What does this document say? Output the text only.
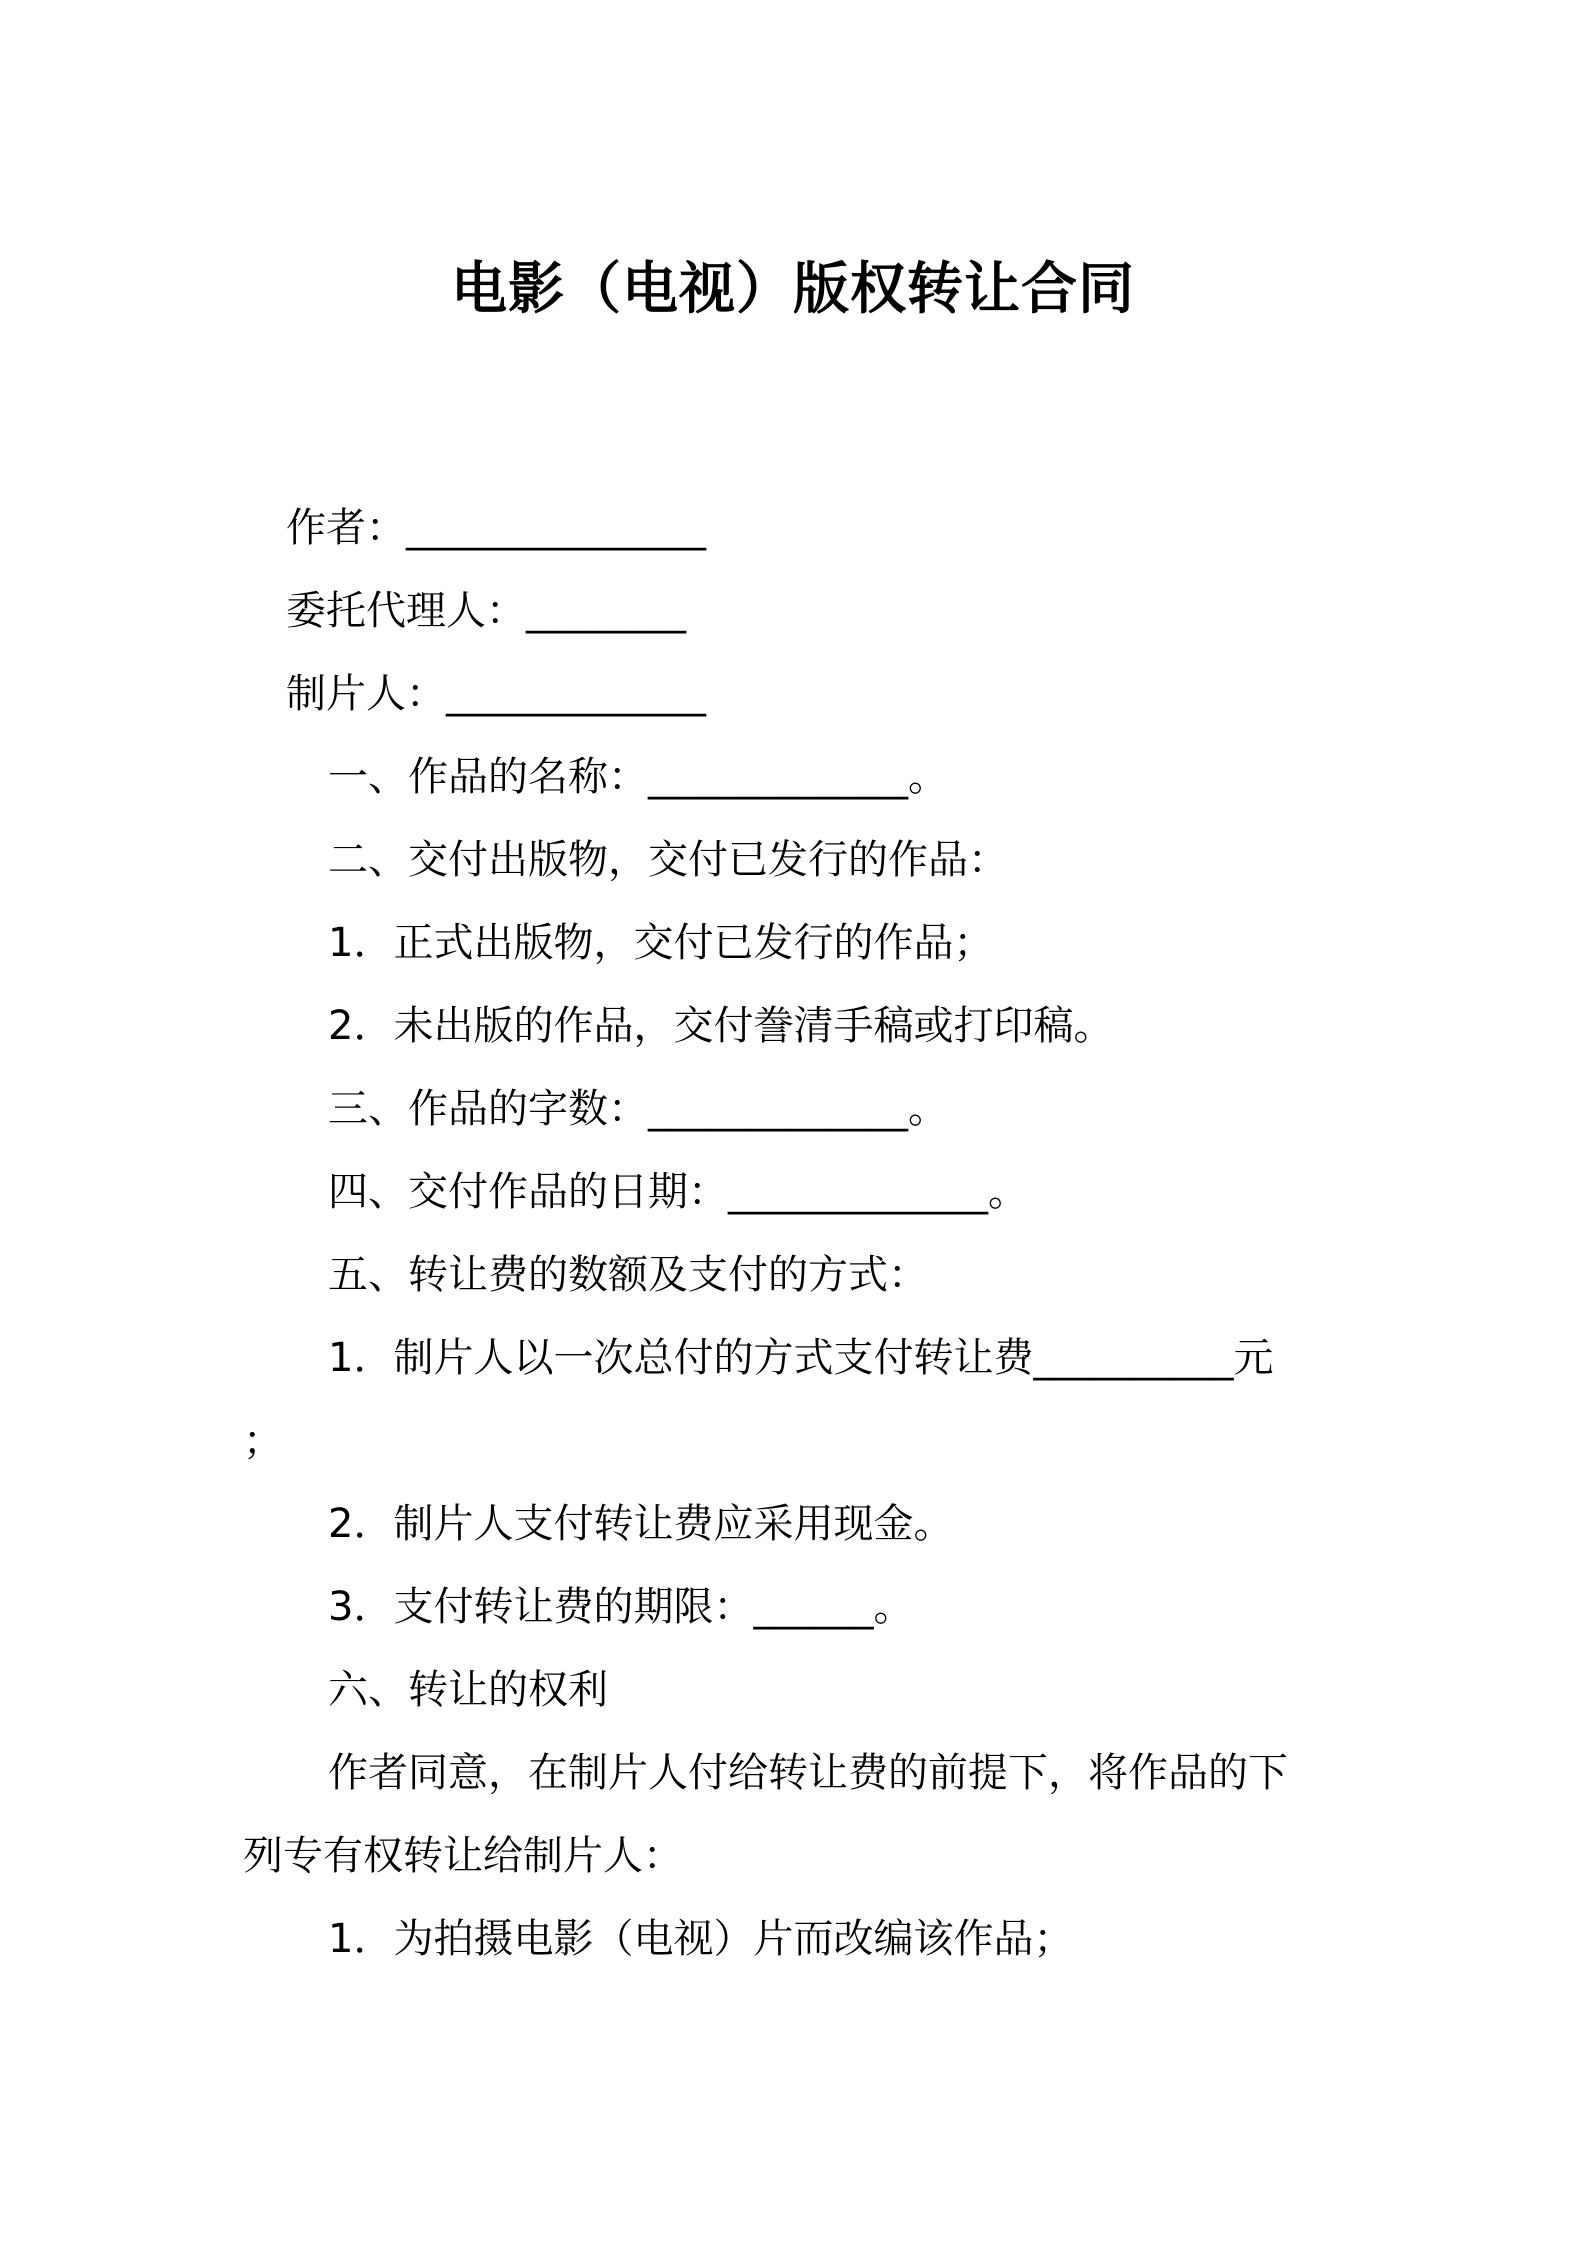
电影（电视）版权转让合同
作者：_______________
委托代理人：________
制片人：_____________
一、作品的名称：_____________。
二、交付出版物，交付已发行的作品：
1．正式出版物，交付已发行的作品；
2．未出版的作品，交付誊清手稿或打印稿。
三、作品的字数：_____________。
四、交付作品的日期：_____________。
五、转让费的数额及支付的方式：
1．制片人以一次总付的方式支付转让费__________元
；
2．制片人支付转让费应采用现金。
3．支付转让费的期限：______。
六、转让的权利
作者同意，在制片人付给转让费的前提下，将作品的下
列专有权转让给制片人：
1．为拍摄电影（电视）片而改编该作品；
